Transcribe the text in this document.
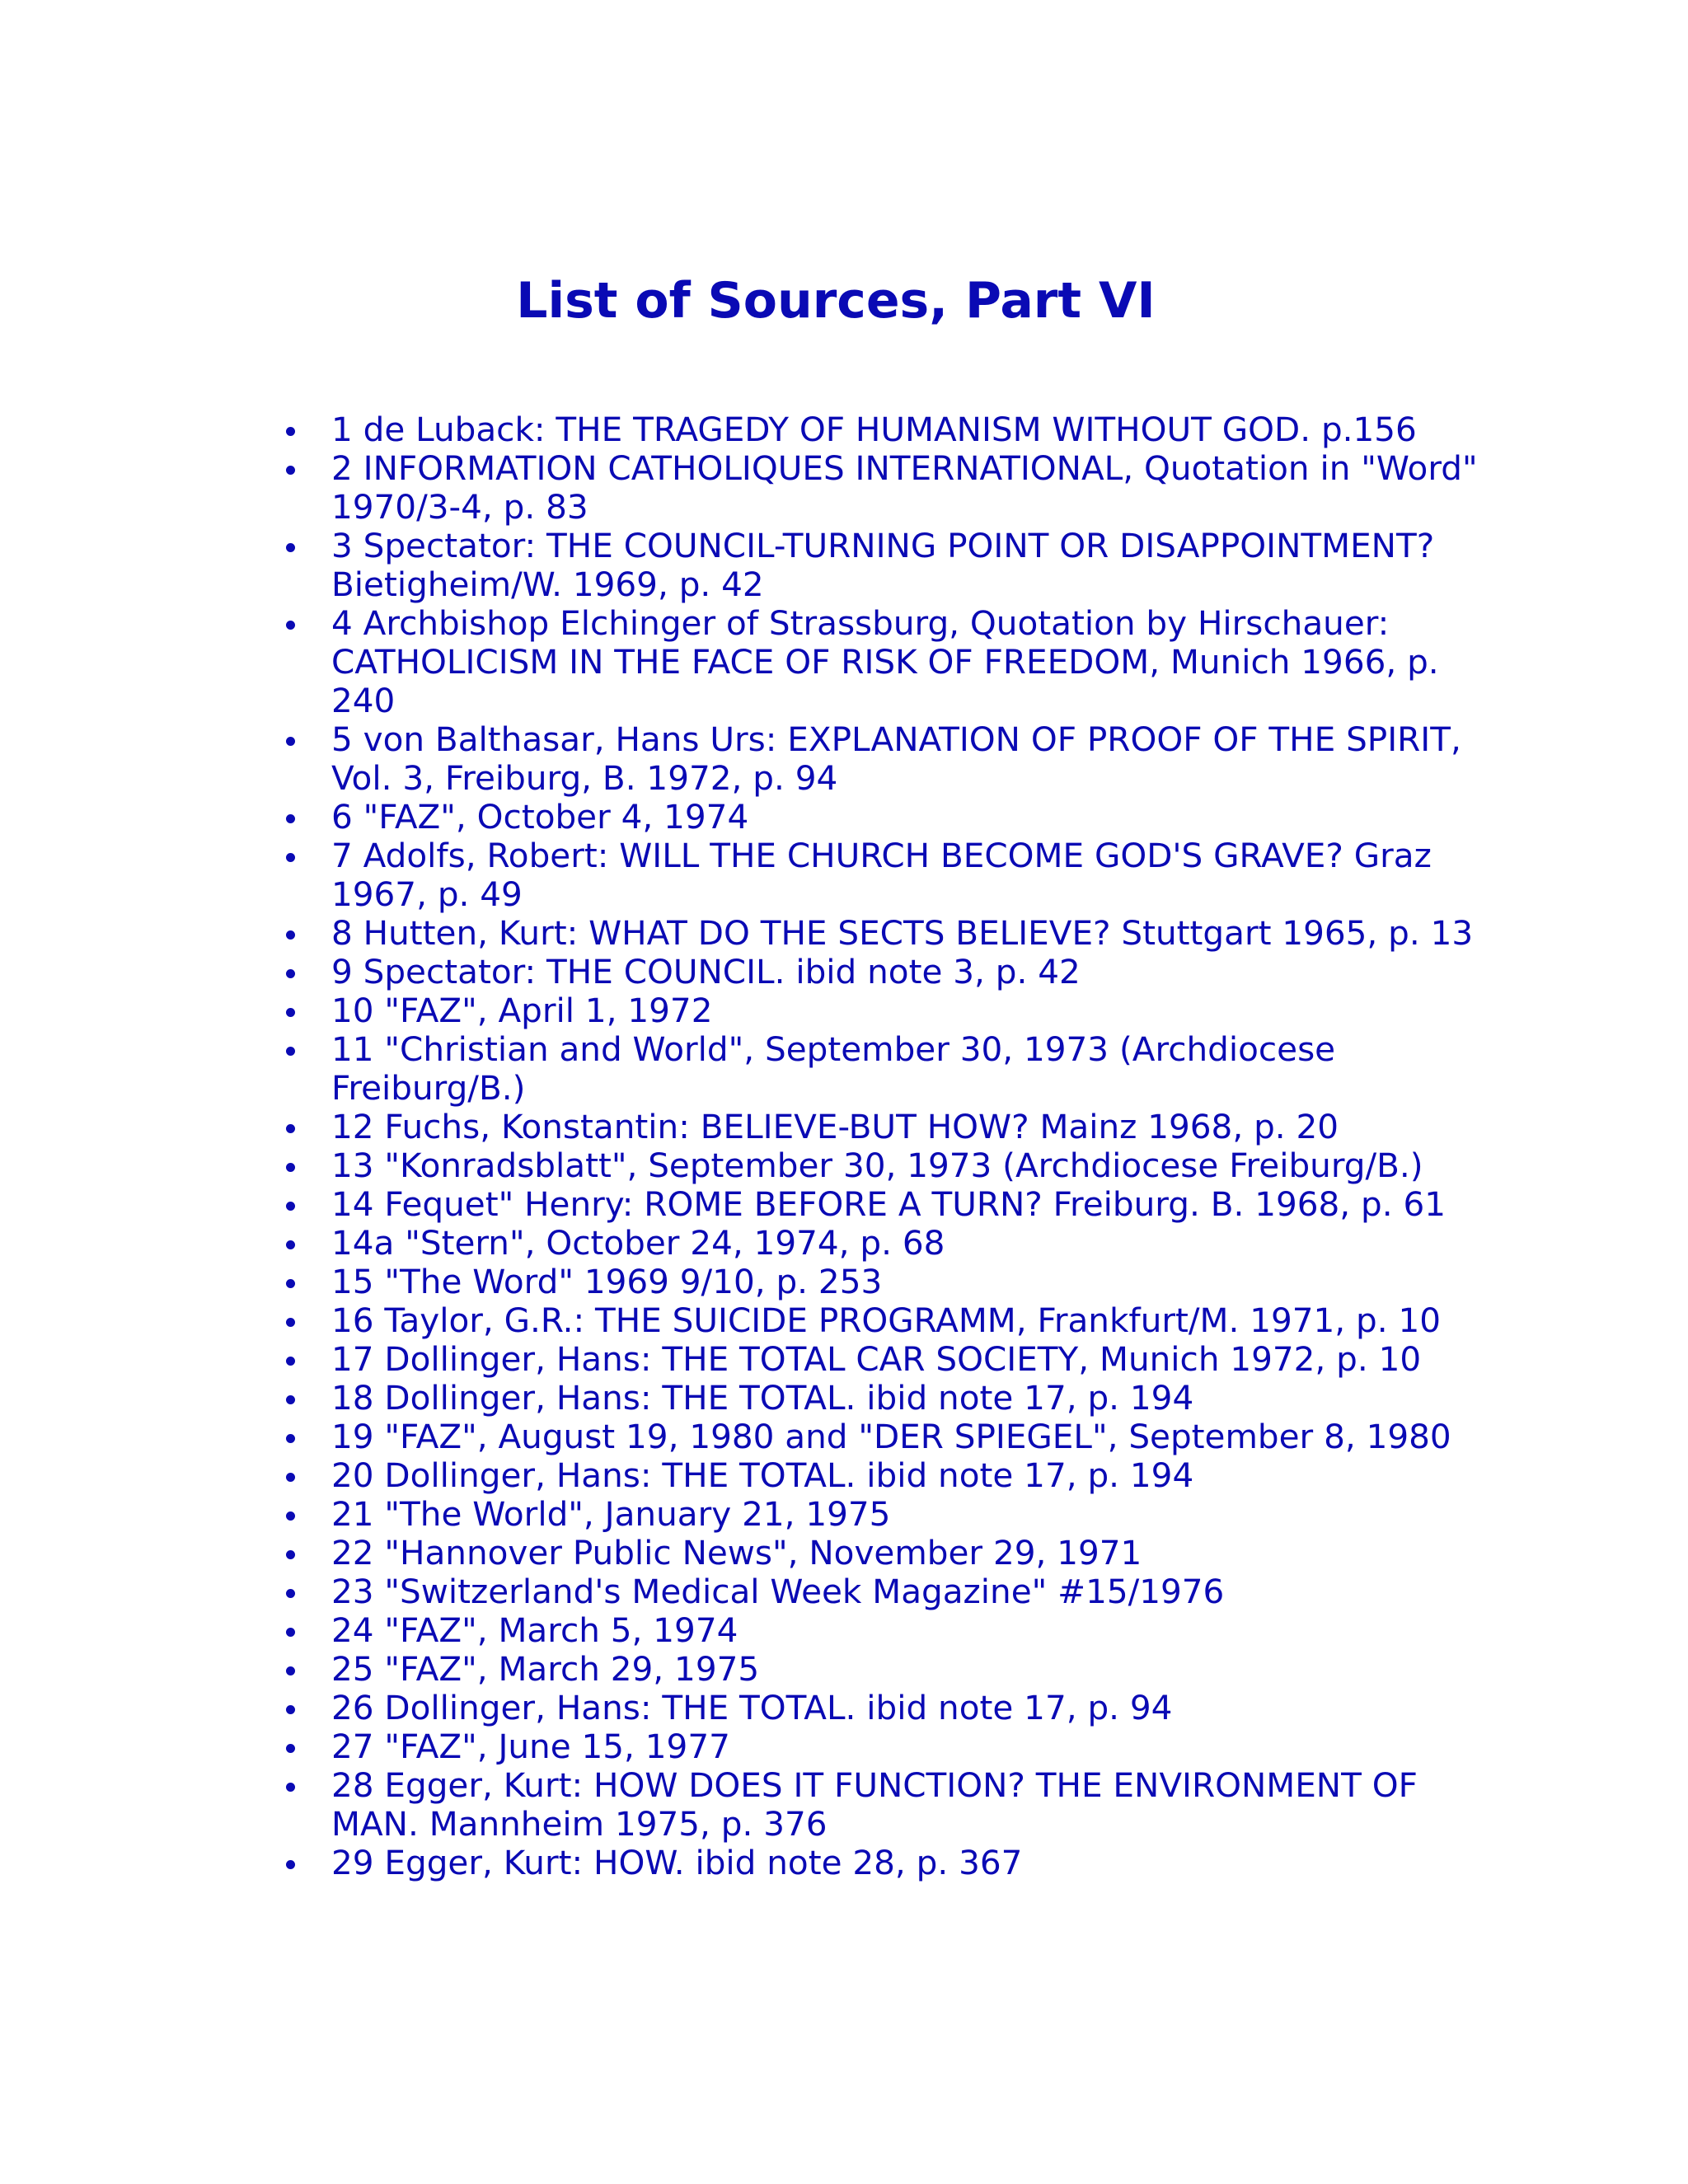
List of Sources, Part VI
1 de Luback: THE TRAGEDY OF HUMANISM WITHOUT GOD. p.156
2 INFORMATION CATHOLIQUES INTERNATIONAL, Quotation in "Word" 1970/3-4, p. 83
3 Spectator: THE COUNCIL-TURNING POINT OR DISAPPOINTMENT? Bietigheim/W. 1969, p. 42
4 Archbishop Elchinger of Strassburg, Quotation by Hirschauer: CATHOLICISM IN THE FACE OF RISK OF FREEDOM, Munich 1966, p. 240
5 von Balthasar, Hans Urs: EXPLANATION OF PROOF OF THE SPIRIT, Vol. 3, Freiburg, B. 1972, p. 94
6 "FAZ", October 4, 1974
7 Adolfs, Robert: WILL THE CHURCH BECOME GOD'S GRAVE? Graz 1967, p. 49
8 Hutten, Kurt: WHAT DO THE SECTS BELIEVE? Stuttgart 1965, p. 13
9 Spectator: THE COUNCIL. ibid note 3, p. 42
10 "FAZ", April 1, 1972
11 "Christian and World", September 30, 1973 (Archdiocese Freiburg/B.)
12 Fuchs, Konstantin: BELIEVE-BUT HOW? Mainz 1968, p. 20
13 "Konradsblatt", September 30, 1973 (Archdiocese Freiburg/B.)
14 Fequet" Henry: ROME BEFORE A TURN? Freiburg. B. 1968, p. 61
14a "Stern", October 24, 1974, p. 68
15 "The Word" 1969 9/10, p. 253
16 Taylor, G.R.: THE SUICIDE PROGRAMM, Frankfurt/M. 1971, p. 10
17 Dollinger, Hans: THE TOTAL CAR SOCIETY, Munich 1972, p. 10
18 Dollinger, Hans: THE TOTAL. ibid note 17, p. 194
19 "FAZ", August 19, 1980 and "DER SPIEGEL", September 8, 1980
20 Dollinger, Hans: THE TOTAL. ibid note 17, p. 194
21 "The World", January 21, 1975
22 "Hannover Public News", November 29, 1971
23 "Switzerland's Medical Week Magazine" #15/1976
24 "FAZ", March 5, 1974
25 "FAZ", March 29, 1975
26 Dollinger, Hans: THE TOTAL. ibid note 17, p. 94
27 "FAZ", June 15, 1977
28 Egger, Kurt: HOW DOES IT FUNCTION? THE ENVIRONMENT OF MAN. Mannheim 1975, p. 376
29 Egger, Kurt: HOW. ibid note 28, p. 367
